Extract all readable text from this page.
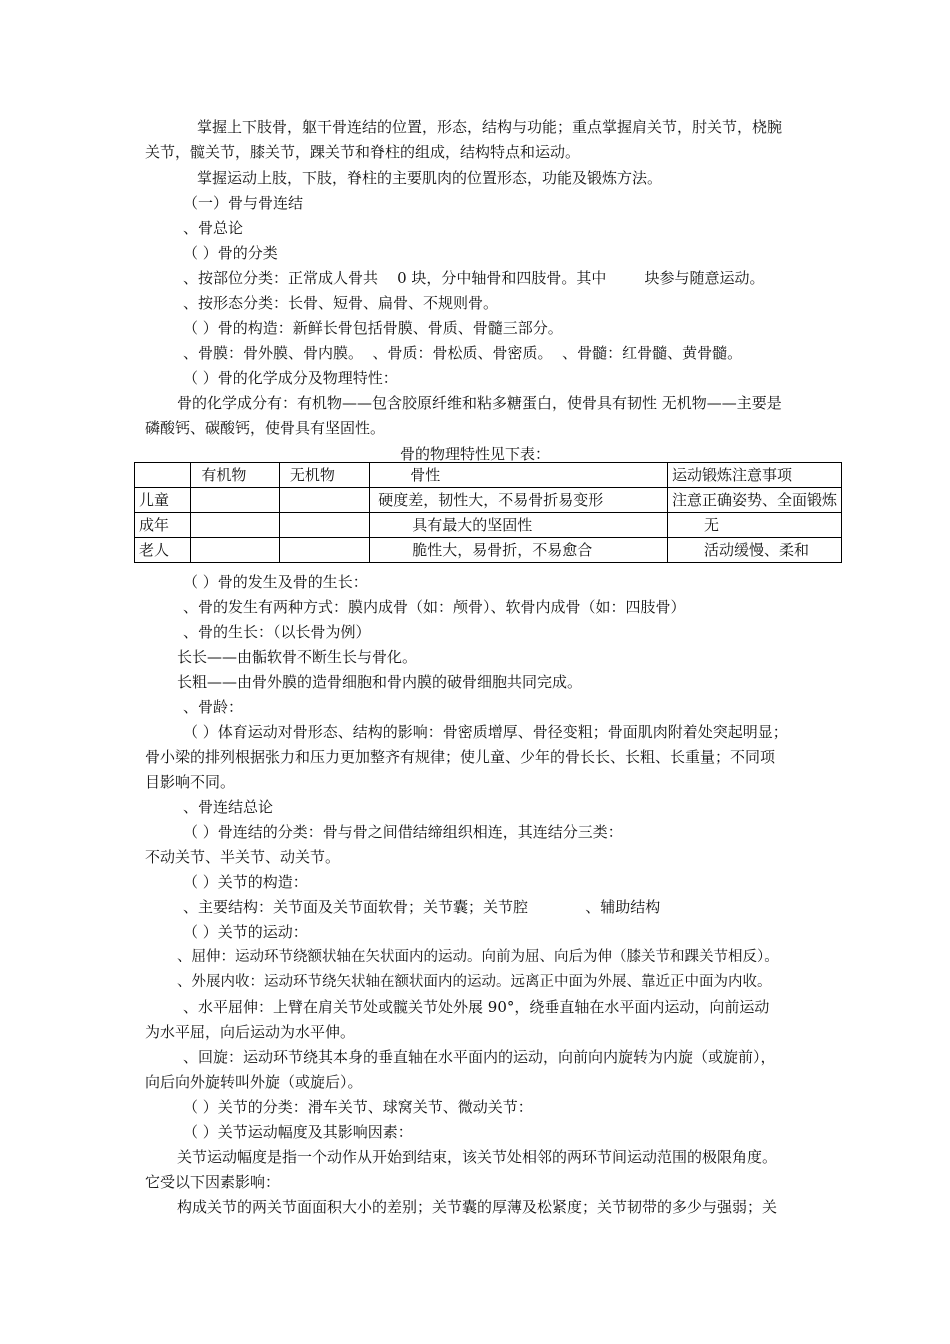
掌握上下肢骨，躯干骨连结的位置，形态，结构与功能；重点掌握肩关节，肘关节，桡腕
关节，髋关节，膝关节，踝关节和脊柱的组成，结构特点和运动。
掌握运动上肢，下肢，脊柱的主要肌肉的位置形态，功能及锻炼方法。
（一）骨与骨连结
、骨总论
（ ）骨的分类
、按部位分类：正常成人骨共    0 块，分中轴骨和四肢骨。其中        块参与随意运动。
、按形态分类：长骨、短骨、扁骨、不规则骨。
（ ）骨的构造：新鲜长骨包括骨膜、骨质、骨髓三部分。
、骨膜：骨外膜、骨内膜。  、骨质：骨松质、骨密质。  、骨髓：红骨髓、黄骨髓。
（ ）骨的化学成分及物理特性：
骨的化学成分有：有机物——包含胶原纤维和粘多糖蛋白，使骨具有韧性 无机物——主要是
磷酸钙、碳酸钙，使骨具有坚固性。
骨的物理特性见下表：
	有机物	无机物	骨性	运动锻炼注意事项
儿童			硬度差，韧性大，不易骨折易变形	注意正确姿势、全面锻炼
成年			具有最大的坚固性	无
老人			脆性大，易骨折，不易愈合	活动缓慢、柔和
（ ）骨的发生及骨的生长：
、骨的发生有两种方式：膜内成骨（如：颅骨）、软骨内成骨（如：四肢骨）
、骨的生长：（以长骨为例）
长长——由骺软骨不断生长与骨化。
长粗——由骨外膜的造骨细胞和骨内膜的破骨细胞共同完成。
、骨龄：
（ ）体育运动对骨形态、结构的影响：骨密质增厚、骨径变粗；骨面肌肉附着处突起明显；
骨小梁的排列根据张力和压力更加整齐有规律；使儿童、少年的骨长长、长粗、长重量；不同项
目影响不同。
、骨连结总论
（ ）骨连结的分类：骨与骨之间借结缔组织相连，其连结分三类：
不动关节、半关节、动关节。
（ ）关节的构造：
、主要结构：关节面及关节面软骨；关节囊；关节腔            、辅助结构
（ ）关节的运动：
、屈伸：运动环节绕额状轴在矢状面内的运动。向前为屈、向后为伸（膝关节和踝关节相反）。
、外展内收：运动环节绕矢状轴在额状面内的运动。远离正中面为外展、靠近正中面为内收。
、水平屈伸：上臂在肩关节处或髋关节处外展 90°，绕垂直轴在水平面内运动，向前运动
为水平屈，向后运动为水平伸。
、回旋：运动环节绕其本身的垂直轴在水平面内的运动，向前向内旋转为内旋（或旋前），
向后向外旋转叫外旋（或旋后）。
（ ）关节的分类：滑车关节、球窝关节、微动关节：
（ ）关节运动幅度及其影响因素：
关节运动幅度是指一个动作从开始到结束，该关节处相邻的两环节间运动范围的极限角度。
它受以下因素影响：
构成关节的两关节面面积大小的差别；关节囊的厚薄及松紧度；关节韧带的多少与强弱；关
